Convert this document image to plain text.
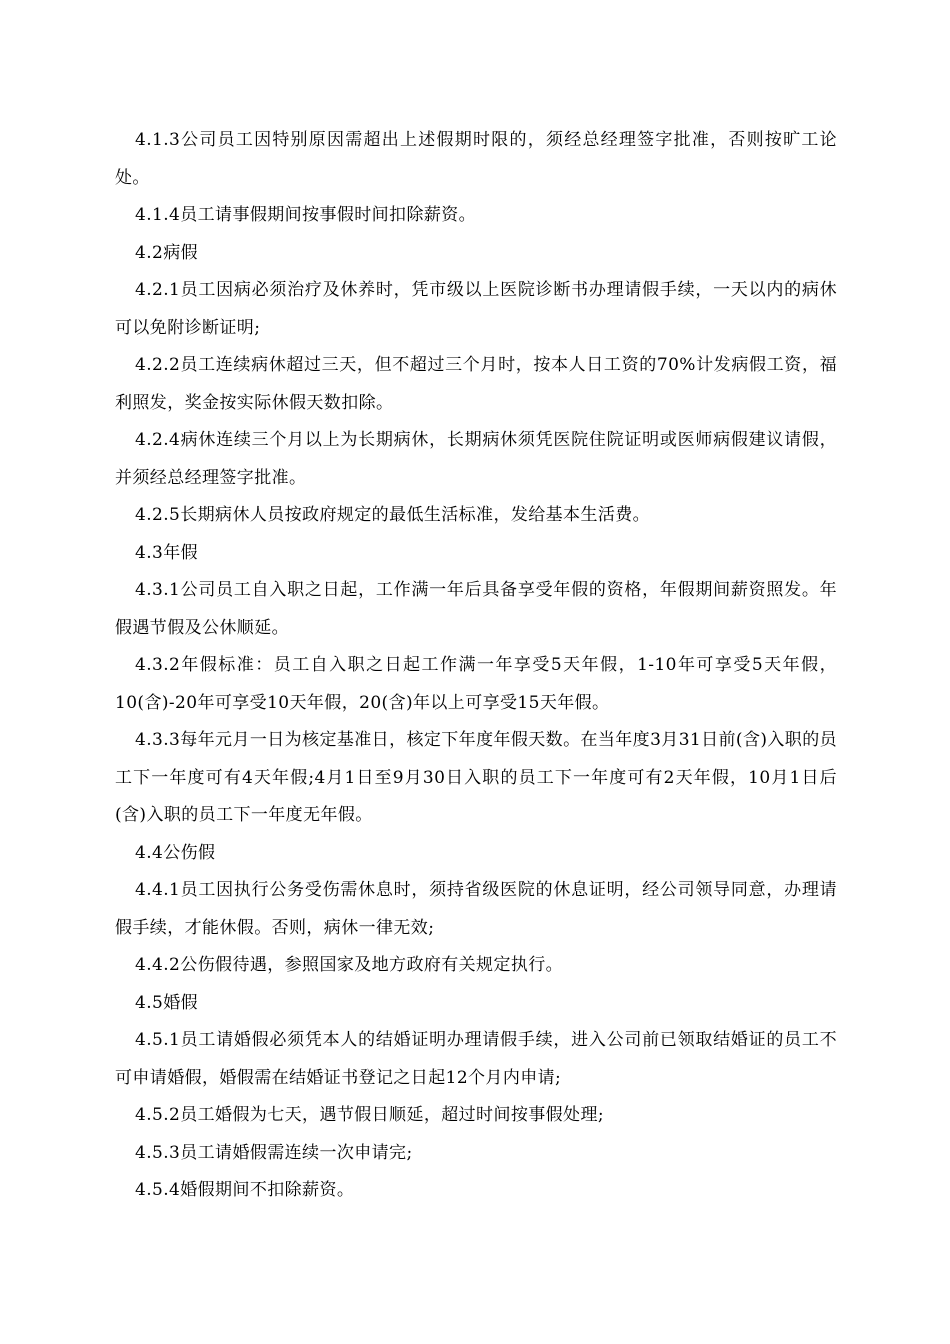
4.1.3公司员工因特别原因需超出上述假期时限的，须经总经理签字批准，否则按旷工论处。

4.1.4员工请事假期间按事假时间扣除薪资。

4.2病假

4.2.1员工因病必须治疗及休养时，凭市级以上医院诊断书办理请假手续，一天以内的病休可以免附诊断证明;

4.2.2员工连续病休超过三天，但不超过三个月时，按本人日工资的70%计发病假工资，福利照发，奖金按实际休假天数扣除。

4.2.4病休连续三个月以上为长期病休，长期病休须凭医院住院证明或医师病假建议请假，并须经总经理签字批准。

4.2.5长期病休人员按政府规定的最低生活标准，发给基本生活费。

4.3年假

4.3.1公司员工自入职之日起，工作满一年后具备享受年假的资格，年假期间薪资照发。年假遇节假及公休顺延。

4.3.2年假标准：员工自入职之日起工作满一年享受5天年假，1-10年可享受5天年假，10(含)-20年可享受10天年假，20(含)年以上可享受15天年假。

4.3.3每年元月一日为核定基准日，核定下年度年假天数。在当年度3月31日前(含)入职的员工下一年度可有4天年假;4月1日至9月30日入职的员工下一年度可有2天年假，10月1日后(含)入职的员工下一年度无年假。

4.4公伤假

4.4.1员工因执行公务受伤需休息时，须持省级医院的休息证明，经公司领导同意，办理请假手续，才能休假。否则，病休一律无效;

4.4.2公伤假待遇，参照国家及地方政府有关规定执行。

4.5婚假

4.5.1员工请婚假必须凭本人的结婚证明办理请假手续，进入公司前已领取结婚证的员工不可申请婚假，婚假需在结婚证书登记之日起12个月内申请;

4.5.2员工婚假为七天，遇节假日顺延，超过时间按事假处理;

4.5.3员工请婚假需连续一次申请完;

4.5.4婚假期间不扣除薪资。
